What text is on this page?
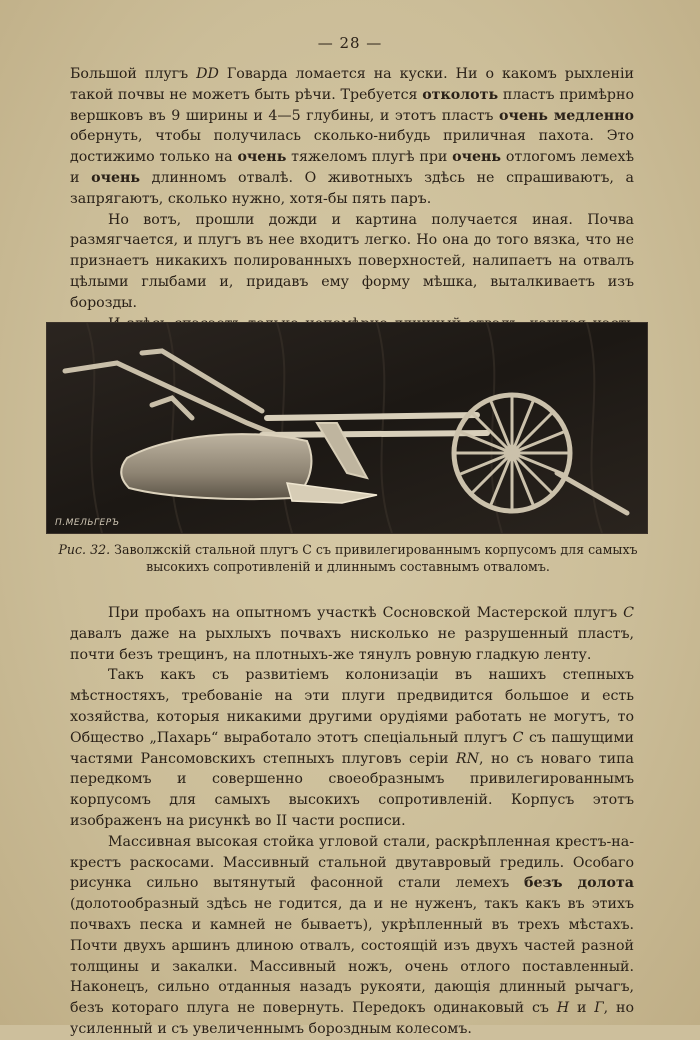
— 28 —

Большой плугъ DD Говарда ломается на куски. Ни о какомъ рыхленіи такой почвы не можетъ быть рѣчи. Требуется отколоть пластъ примѣрно вершковъ въ 9 ширины и 4—5 глубины, и этотъ пластъ очень медленно обернуть, чтобы получилась сколько-нибудь приличная пахота. Это достижимо только на очень тяжеломъ плугѣ при очень отлогомъ лемехѣ и очень длинномъ отвалѣ. О животныхъ здѣсь не спрашиваютъ, а запрягаютъ, сколько нужно, хотя-бы пять паръ.

Но вотъ, прошли дожди и картина получается иная. Почва размягчается, и плугъ въ нее входитъ легко. Но она до того вязка, что не признаетъ никакихъ полированныхъ поверхностей, налипаетъ на отвалъ цѣлыми глыбами и, придавъ ему форму мѣшка, выталкиваетъ изъ борозды.

П.МЕЛЬГЕРЪ
Рис. 32. Заволжскій стальной плугъ С съ привилегированнымъ корпусомъ для самыхъ высокихъ сопротивленій и длиннымъ составнымъ отваломъ.

При пробахъ на опытномъ участкѣ Сосновской Мастерской плугъ С давалъ даже на рыхлыхъ почвахъ нисколько не разрушенный пластъ, почти безъ трещинъ, на плотныхъ-же тянулъ ровную гладкую ленту.

Такъ какъ съ развитіемъ колонизаціи въ нашихъ степныхъ мѣстностяхъ, требованіе на эти плуги предвидится большое и есть хозяйства, которыя никакими другими орудіями работать не могутъ, то Общество „Пахарь“ выработало этотъ спеціальный плугъ С съ пашущими частями Рансомовскихъ степныхъ плуговъ серіи RN, но съ новаго типа передкомъ и совершенно своеобразнымъ привилегированнымъ корпусомъ для самыхъ высокихъ сопротивленій. Корпусъ этотъ изображенъ на рисункѣ во II части росписи.

Массивная высокая стойка угловой стали, раскрѣпленная крестъ-на-крестъ раскосами. Массивный стальной двутавровый гредиль. Особаго рисунка сильно вытянутый фасонной стали лемехъ безъ долота (долотообразный здѣсь не годится, да и не нуженъ, такъ какъ въ этихъ почвахъ песка и камней не бываетъ), укрѣпленный въ трехъ мѣстахъ. Почти двухъ аршинъ длиною отвалъ, состоящій изъ двухъ частей разной толщины и закалки. Массивный ножъ, очень отлого поставленный. Наконецъ, сильно отданныя назадъ рукояти, дающія длинный рычагъ, безъ котораго плуга не повернуть. Передокъ одинаковый съ Н и Г, но усиленный и съ увеличеннымъ бороздным колесомъ.
